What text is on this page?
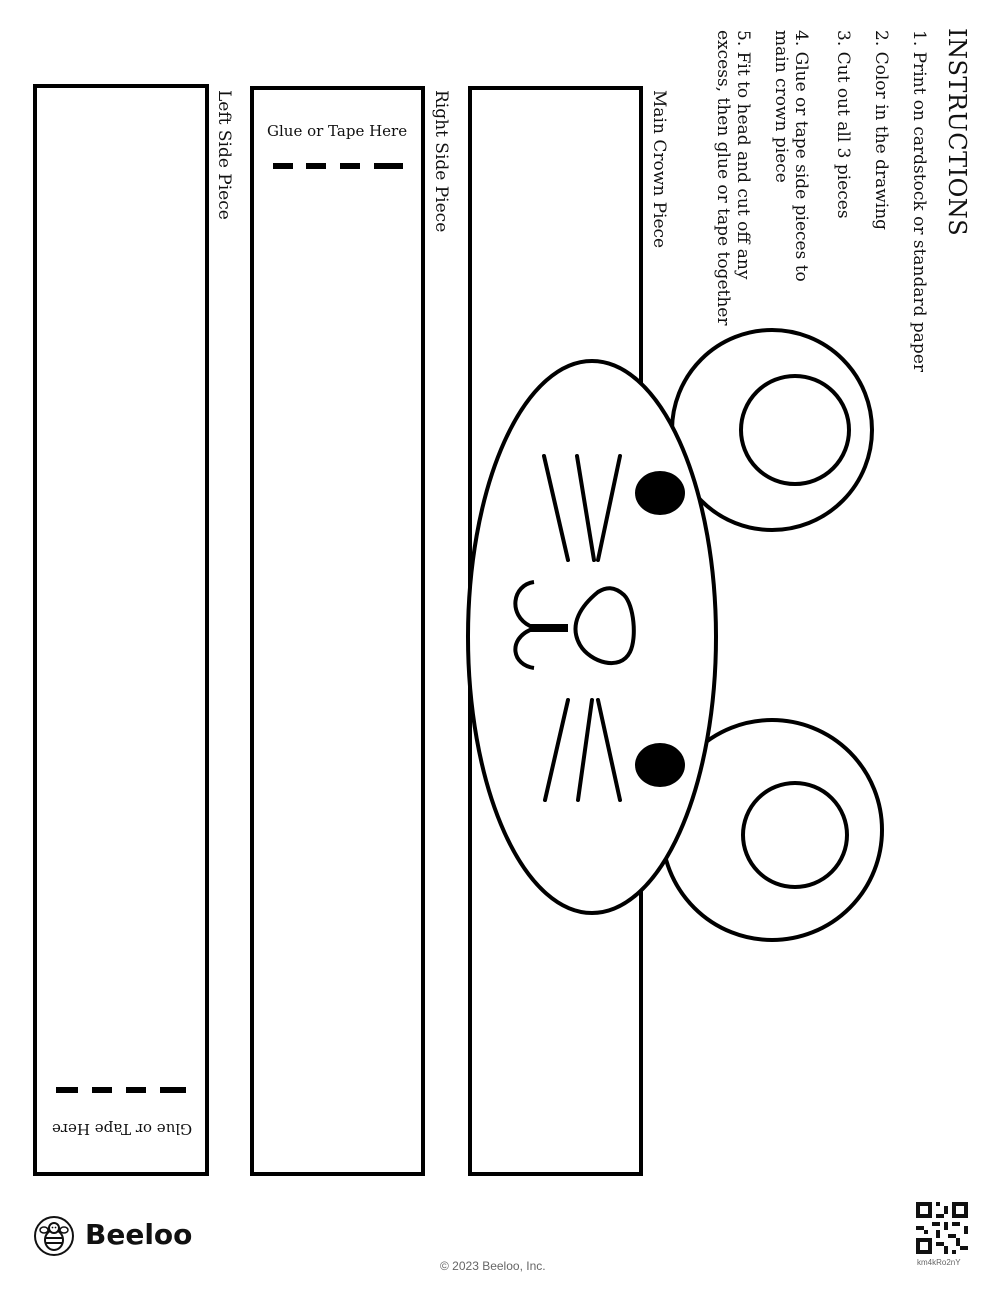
INSTRUCTIONS
1. Print on cardstock or standard paper
2. Color in the drawing
3. Cut out all 3 pieces
4. Glue or tape side pieces to
main crown piece
5. Fit to head and cut off any
excess, then glue or tape together
Main Crown Piece
Right Side Piece
Glue or Tape Here
Left Side Piece
Glue or Tape Here
Beeloo
© 2023 Beeloo, Inc.	km4kRo2nY
